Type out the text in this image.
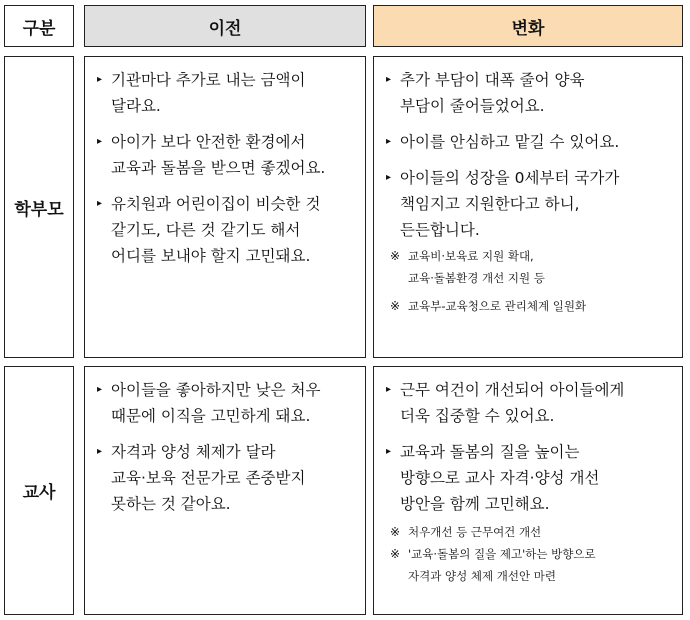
구분	이전	변화
학부모
▸ 기관마다 추가로 내는 금액이
달라요.
▸ 아이가 보다 안전한 환경에서
교육과 돌봄을 받으면 좋겠어요.
▸ 유치원과 어린이집이 비슷한 것
같기도, 다른 것 같기도 해서
어디를 보내야 할지 고민돼요.
▸ 추가 부담이 대폭 줄어 양육
부담이 줄어들었어요.
▸ 아이를 안심하고 맡길 수 있어요.
▸ 아이들의 성장을 0세부터 국가가
책임지고 지원한다고 하니,
든든합니다.
※ 교육비·보육료 지원 확대,
교육·돌봄환경 개선 지원 등
※ 교육부-교육청으로 관리체계 일원화
교사
▸ 아이들을 좋아하지만 낮은 처우
때문에 이직을 고민하게 돼요.
▸ 자격과 양성 체제가 달라
교육·보육 전문가로 존중받지
못하는 것 같아요.
▸ 근무 여건이 개선되어 아이들에게
더욱 집중할 수 있어요.
▸ 교육과 돌봄의 질을 높이는
방향으로 교사 자격·양성 개선
방안을 함께 고민해요.
※ 처우개선 등 근무여건 개선
※ '교육·돌봄의 질을 제고'하는 방향으로
자격과 양성 체제 개선안 마련
